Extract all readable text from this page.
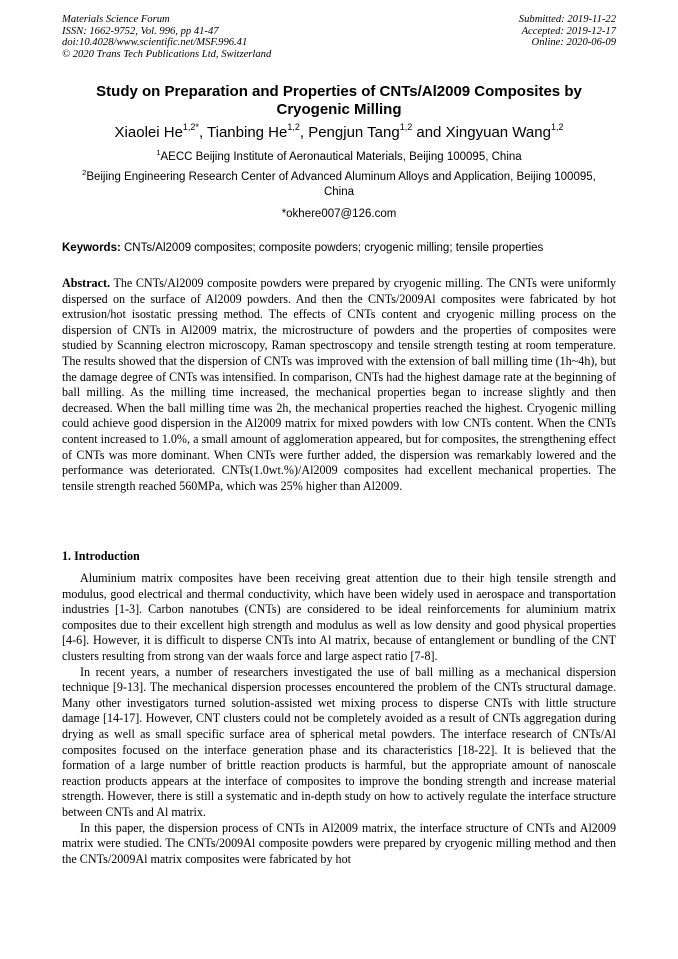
Materials Science Forum
ISSN: 1662-9752, Vol. 996, pp 41-47
doi:10.4028/www.scientific.net/MSF.996.41
© 2020 Trans Tech Publications Ltd, Switzerland
Submitted: 2019-11-22
Accepted: 2019-12-17
Online: 2020-06-09
Study on Preparation and Properties of CNTs/Al2009 Composites by Cryogenic Milling
Xiaolei $He^{1,2*}$, Tianbing He$^{1,2}$, Pengjun Tang$^{1,2}$ and Xingyuan Wang$^{1,2}$
$^1$AECC Beijing Institute of Aeronautical Materials, Beijing 100095, China
$^2$Beijing Engineering Research Center of Advanced Aluminum Alloys and Application, Beijing 100095, China
*okhere007@126.com
Keywords: CNTs/Al2009 composites; composite powders; cryogenic milling; tensile properties
Abstract. The CNTs/Al2009 composite powders were prepared by cryogenic milling. The CNTs were uniformly dispersed on the surface of Al2009 powders. And then the CNTs/2009Al composites were fabricated by hot extrusion/hot isostatic pressing method. The effects of CNTs content and cryogenic milling process on the dispersion of CNTs in Al2009 matrix, the microstructure of powders and the properties of composites were studied by Scanning electron microscopy, Raman spectroscopy and tensile strength testing at room temperature. The results showed that the dispersion of CNTs was improved with the extension of ball milling time (1h~4h), but the damage degree of CNTs was intensified. In comparison, CNTs had the highest damage rate at the beginning of ball milling. As the milling time increased, the mechanical properties began to increase slightly and then decreased. When the ball milling time was 2h, the mechanical properties reached the highest. Cryogenic milling could achieve good dispersion in the Al2009 matrix for mixed powders with low CNTs content. When the CNTs content increased to 1.0%, a small amount of agglomeration appeared, but for composites, the strengthening effect of CNTs was more dominant. When CNTs were further added, the dispersion was remarkably lowered and the performance was deteriorated. CNTs(1.0wt.%)/Al2009 composites had excellent mechanical properties. The tensile strength reached 560MPa, which was 25% higher than Al2009.
1. Introduction

Aluminium matrix composites have been receiving great attention due to their high tensile strength and modulus, good electrical and thermal conductivity, which have been widely used in aerospace and transportation industries [1-3]. Carbon nanotubes (CNTs) are considered to be ideal reinforcements for aluminium matrix composites due to their excellent high strength and modulus as well as low density and good physical properties [4-6]. However, it is difficult to disperse CNTs into Al matrix, because of entanglement or bundling of the CNT clusters resulting from strong van der waals force and large aspect ratio [7-8].

In recent years, a number of researchers investigated the use of ball milling as a mechanical dispersion technique [9-13]. The mechanical dispersion processes encountered the problem of the CNTs structural damage. Many other investigators turned solution-assisted wet mixing process to disperse CNTs with little structure damage [14-17]. However, CNT clusters could not be completely avoided as a result of CNTs aggregation during drying as well as small specific surface area of spherical metal powders. The interface research of CNTs/Al composites focused on the interface generation phase and its characteristics [18-22]. It is believed that the formation of a large number of brittle reaction products is harmful, but the appropriate amount of nanoscale reaction products appears at the interface of composites to improve the bonding strength and increase material strength. However, there is still a systematic and in-depth study on how to actively regulate the interface structure between CNTs and Al matrix.

In this paper, the dispersion process of CNTs in Al2009 matrix, the interface structure of CNTs and Al2009 matrix were studied. The CNTs/2009Al composite powders were prepared by cryogenic milling method and then the CNTs/2009Al matrix composites were fabricated by hot
